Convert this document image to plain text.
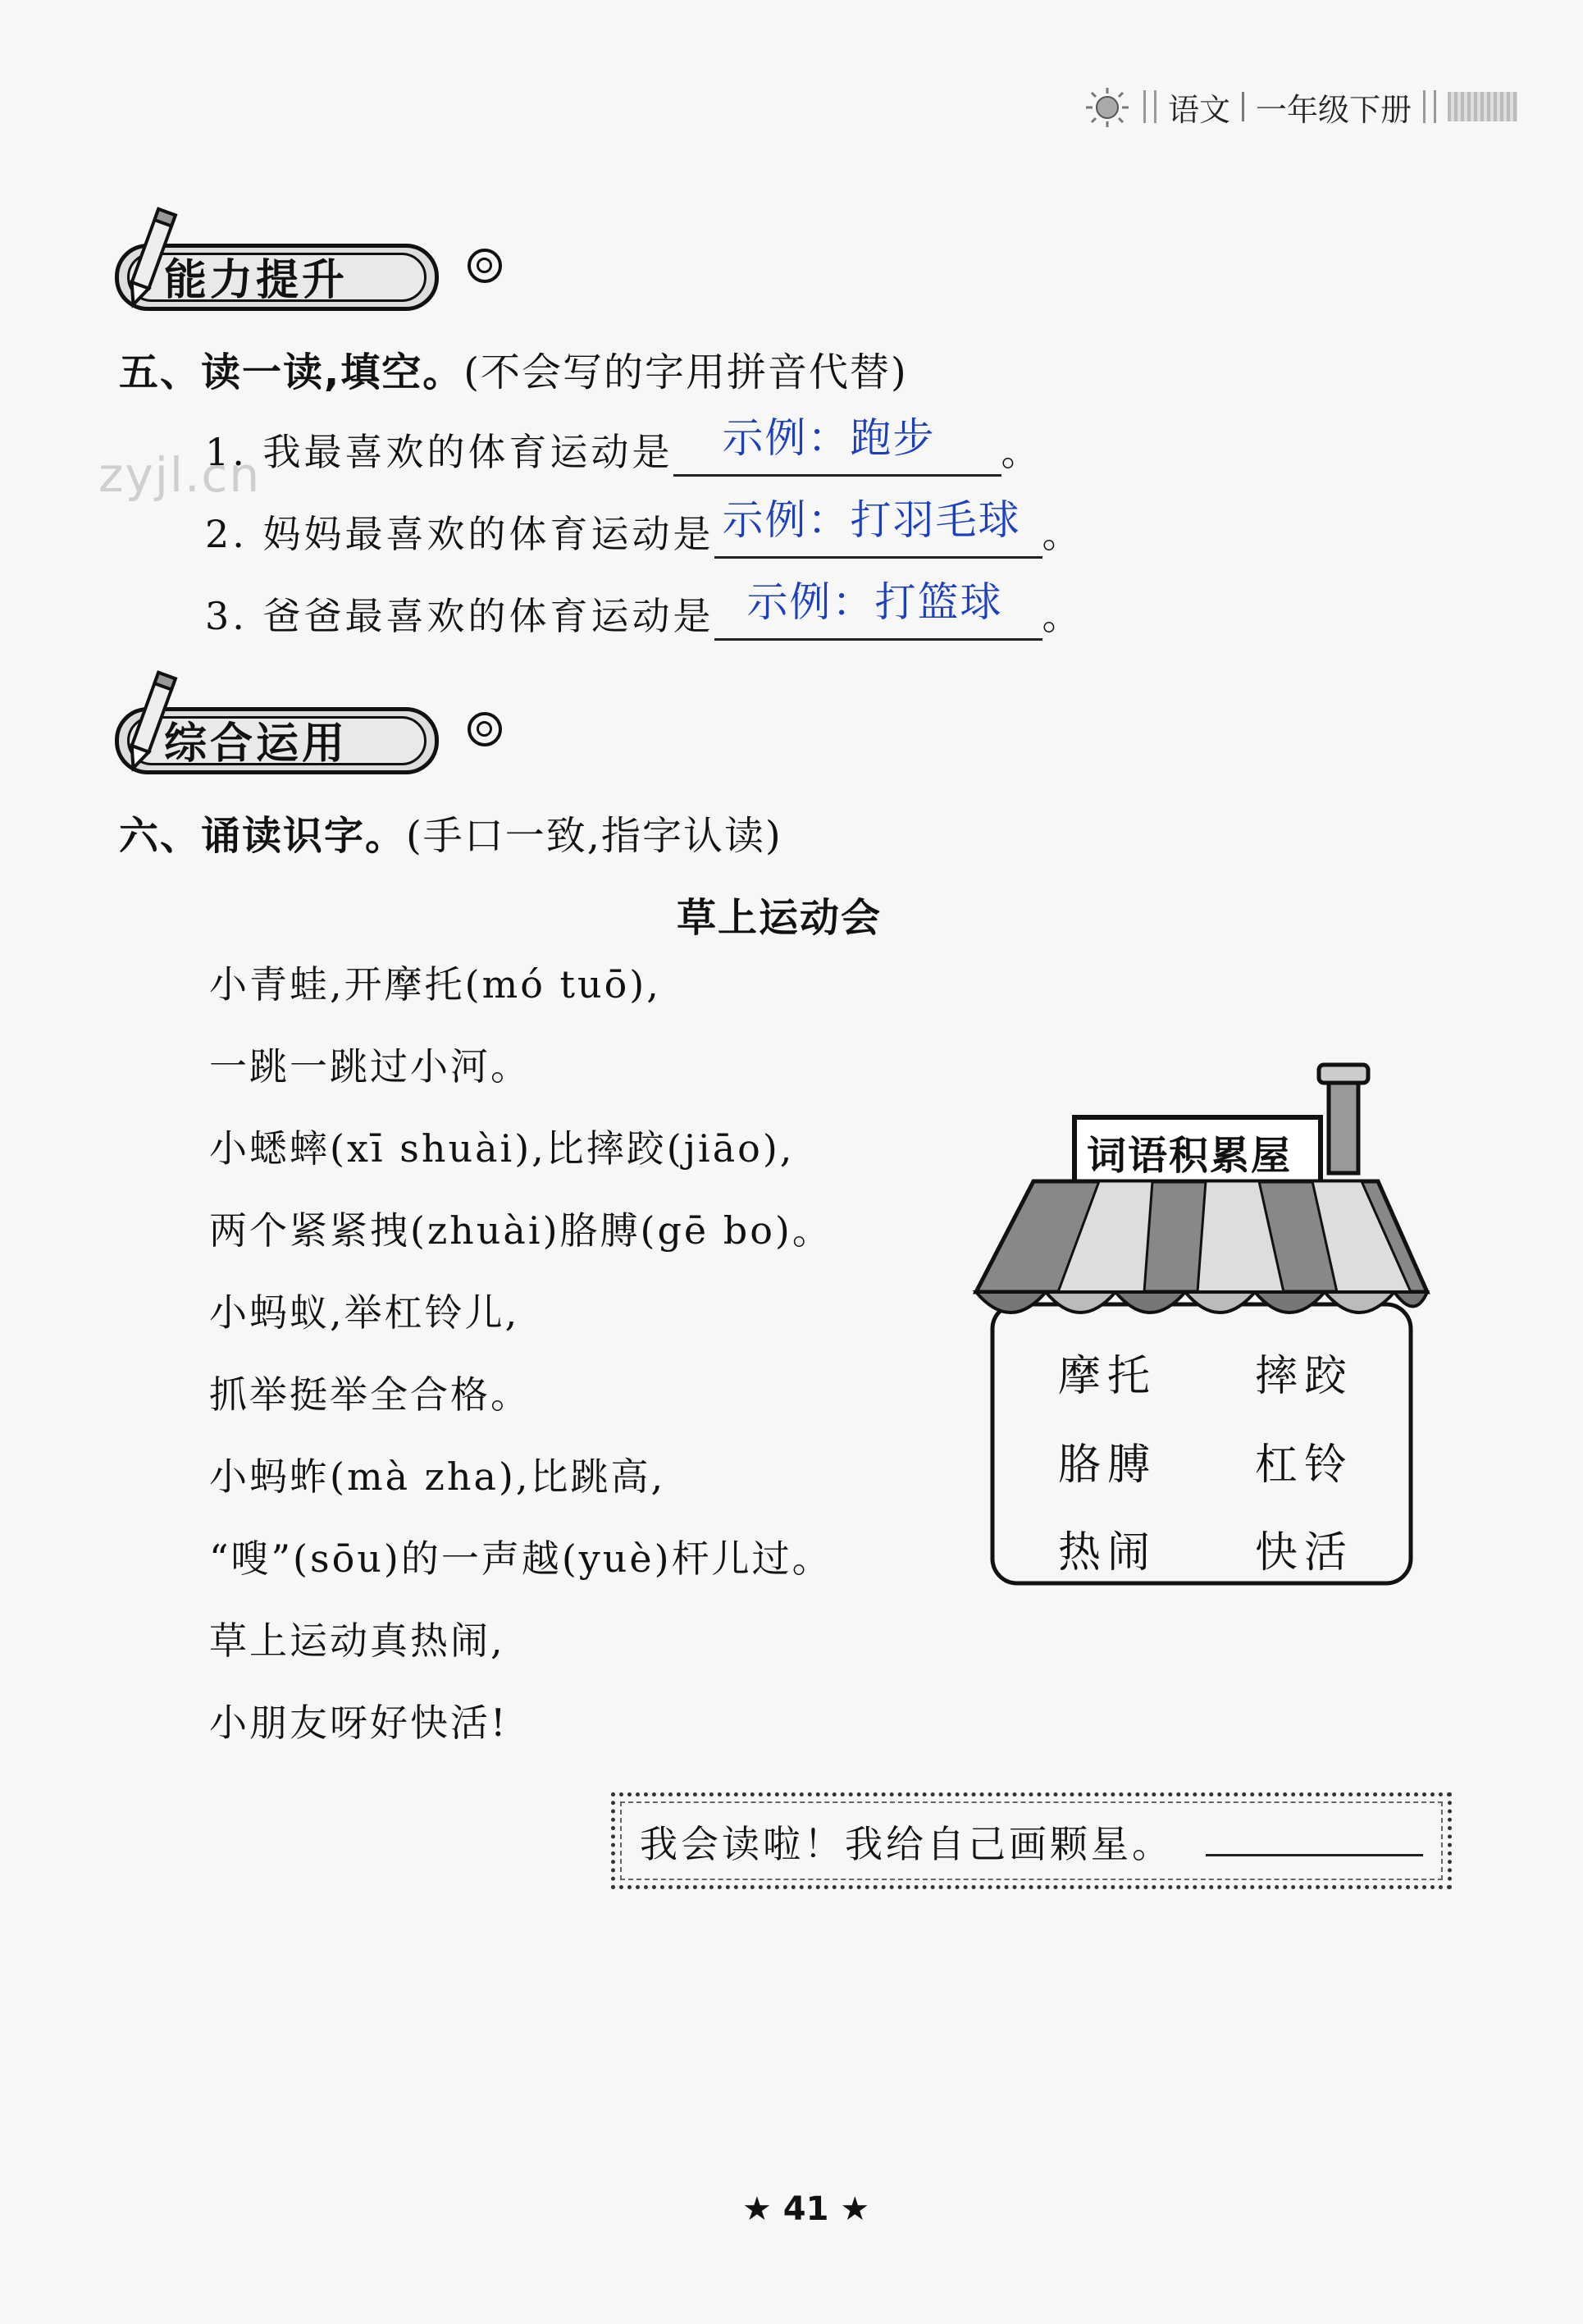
语文 一年级下册
能力提升
zyjl.cn
五、读一读,填空。(不会写的字用拼音代替)
1. 我最喜欢的体育运动是 示例：跑步 。
2. 妈妈最喜欢的体育运动是 示例：打羽毛球 。
3. 爸爸最喜欢的体育运动是 示例：打篮球 。
综合运用
六、诵读识字。(手口一致,指字认读)
草上运动会
小青蛙,开摩托(mó tuō),
一跳一跳过小河。
小蟋蟀(xī shuài),比摔跤(jiāo),
两个紧紧拽(zhuài)胳膊(gē bo)。
小蚂蚁,举杠铃儿,
抓举挺举全合格。
小蚂蚱(mà zha),比跳高,
“嗖”(sōu)的一声越(yuè)杆儿过。
草上运动真热闹,
小朋友呀好快活!
词语积累屋
摩托 摔跤
胳膊 杠铃
热闹 快活
我会读啦！我给自己画颗星。
★ 41 ★
